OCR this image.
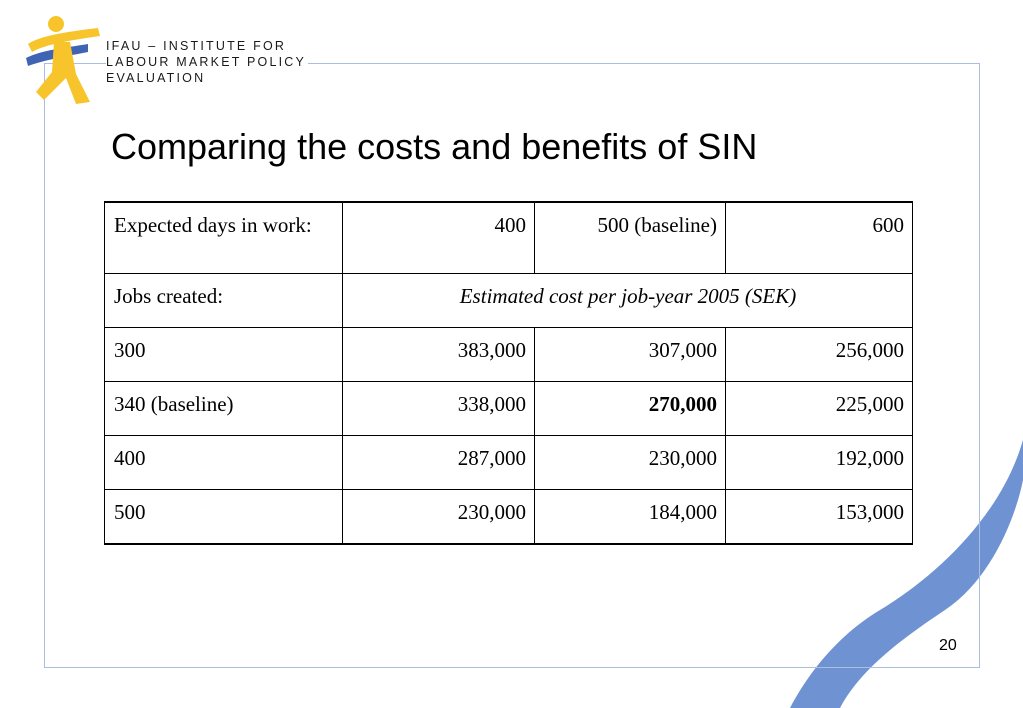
IFAU – INSTITUTE FOR
LABOUR MARKET POLICY
EVALUATION
Comparing the costs and benefits of SIN
Expected days in work:	400	500 (baseline)	600
Jobs created:	Estimated cost per job-year 2005 (SEK)		
300	383,000	307,000	256,000
340 (baseline)	338,000	270,000	225,000
400	287,000	230,000	192,000
500	230,000	184,000	153,000
20
